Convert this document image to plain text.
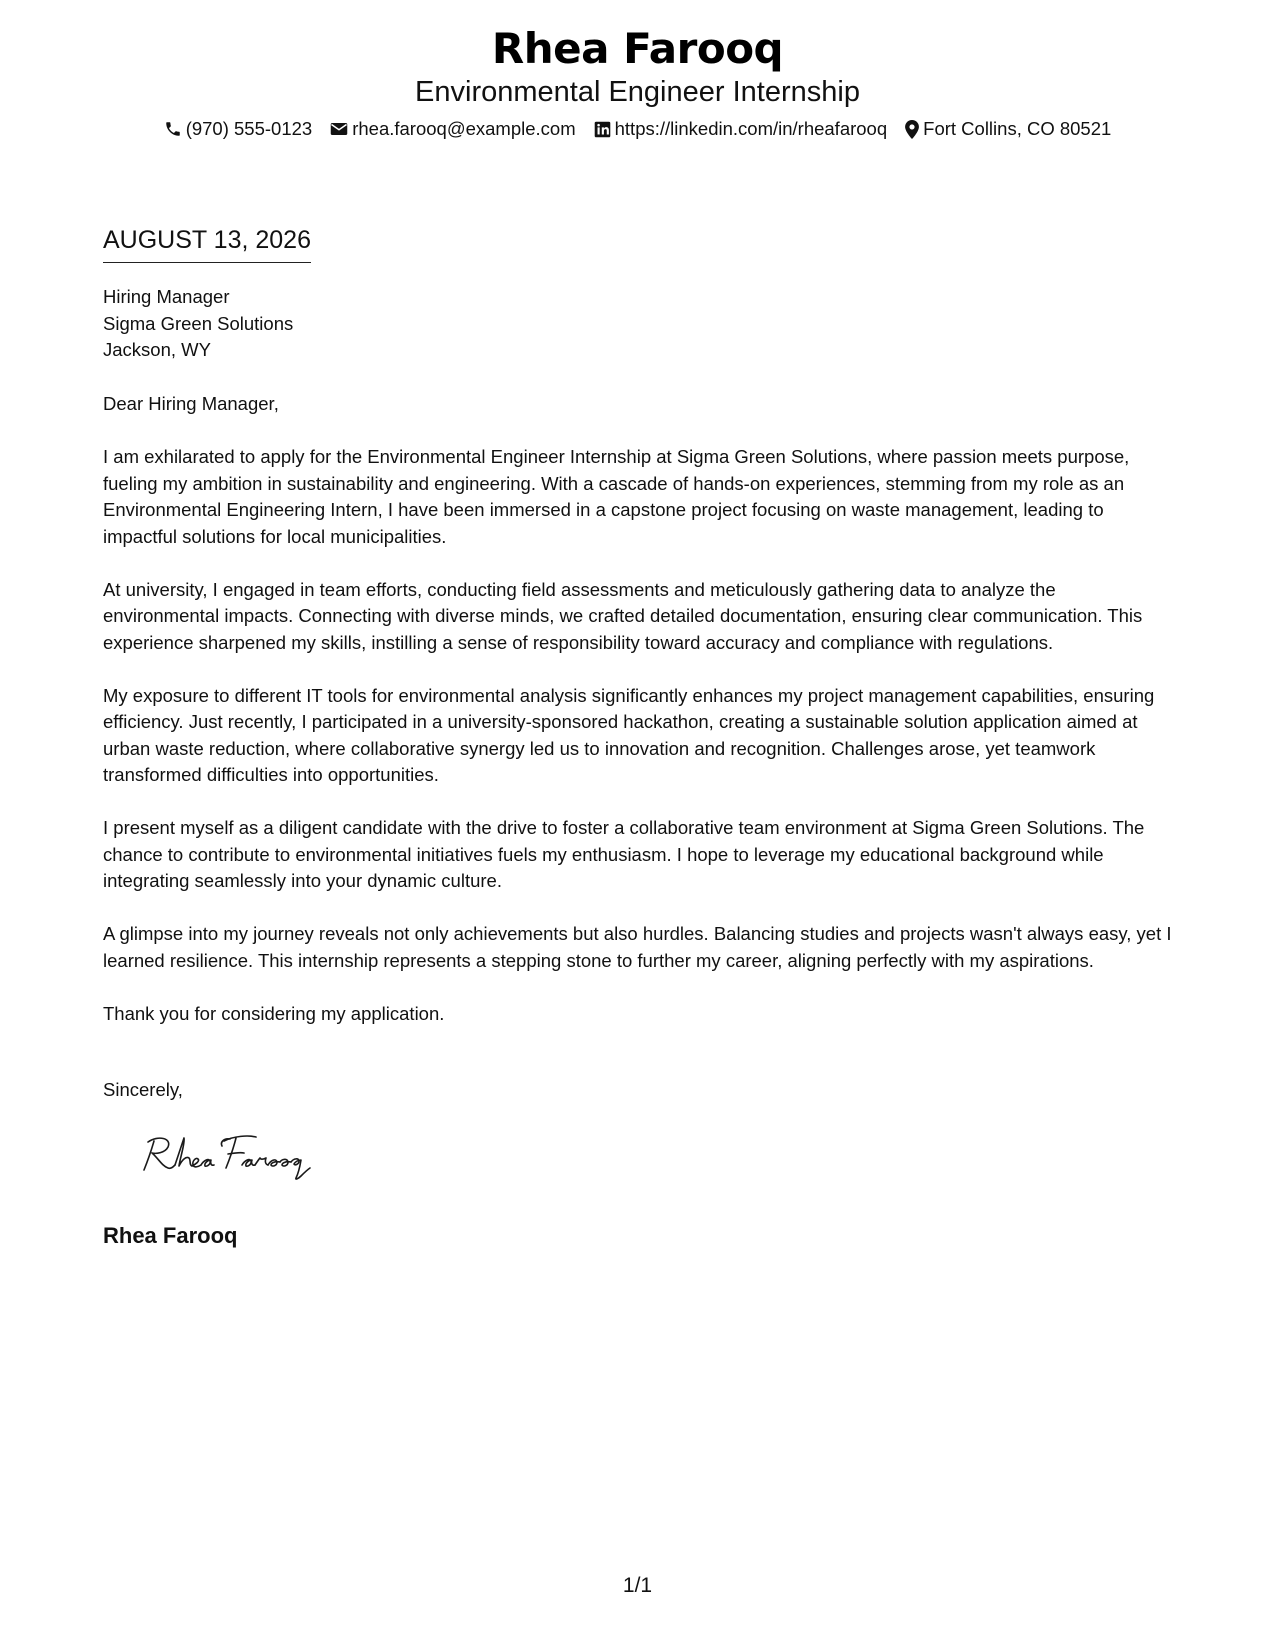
Rhea Farooq
Environmental Engineer Internship
(970) 555-0123 rhea.farooq@example.com https://linkedin.com/in/rheafarooq Fort Collins, CO 80521
AUGUST 13, 2026
Hiring Manager
Sigma Green Solutions
Jackson, WY
Dear Hiring Manager,

I am exhilarated to apply for the Environmental Engineer Internship at Sigma Green Solutions, where passion meets purpose, fueling my ambition in sustainability and engineering. With a cascade of hands-on experiences, stemming from my role as an Environmental Engineering Intern, I have been immersed in a capstone project focusing on waste management, leading to impactful solutions for local municipalities.

At university, I engaged in team efforts, conducting field assessments and meticulously gathering data to analyze the environmental impacts. Connecting with diverse minds, we crafted detailed documentation, ensuring clear communication. This experience sharpened my skills, instilling a sense of responsibility toward accuracy and compliance with regulations.

My exposure to different IT tools for environmental analysis significantly enhances my project management capabilities, ensuring efficiency. Just recently, I participated in a university-sponsored hackathon, creating a sustainable solution application aimed at urban waste reduction, where collaborative synergy led us to innovation and recognition. Challenges arose, yet teamwork transformed difficulties into opportunities.

I present myself as a diligent candidate with the drive to foster a collaborative team environment at Sigma Green Solutions. The chance to contribute to environmental initiatives fuels my enthusiasm. I hope to leverage my educational background while integrating seamlessly into your dynamic culture.

A glimpse into my journey reveals not only achievements but also hurdles. Balancing studies and projects wasn't always easy, yet I learned resilience. This internship represents a stepping stone to further my career, aligning perfectly with my aspirations.

Thank you for considering my application.

Sincerely,
Rhea Farooq
1/1
